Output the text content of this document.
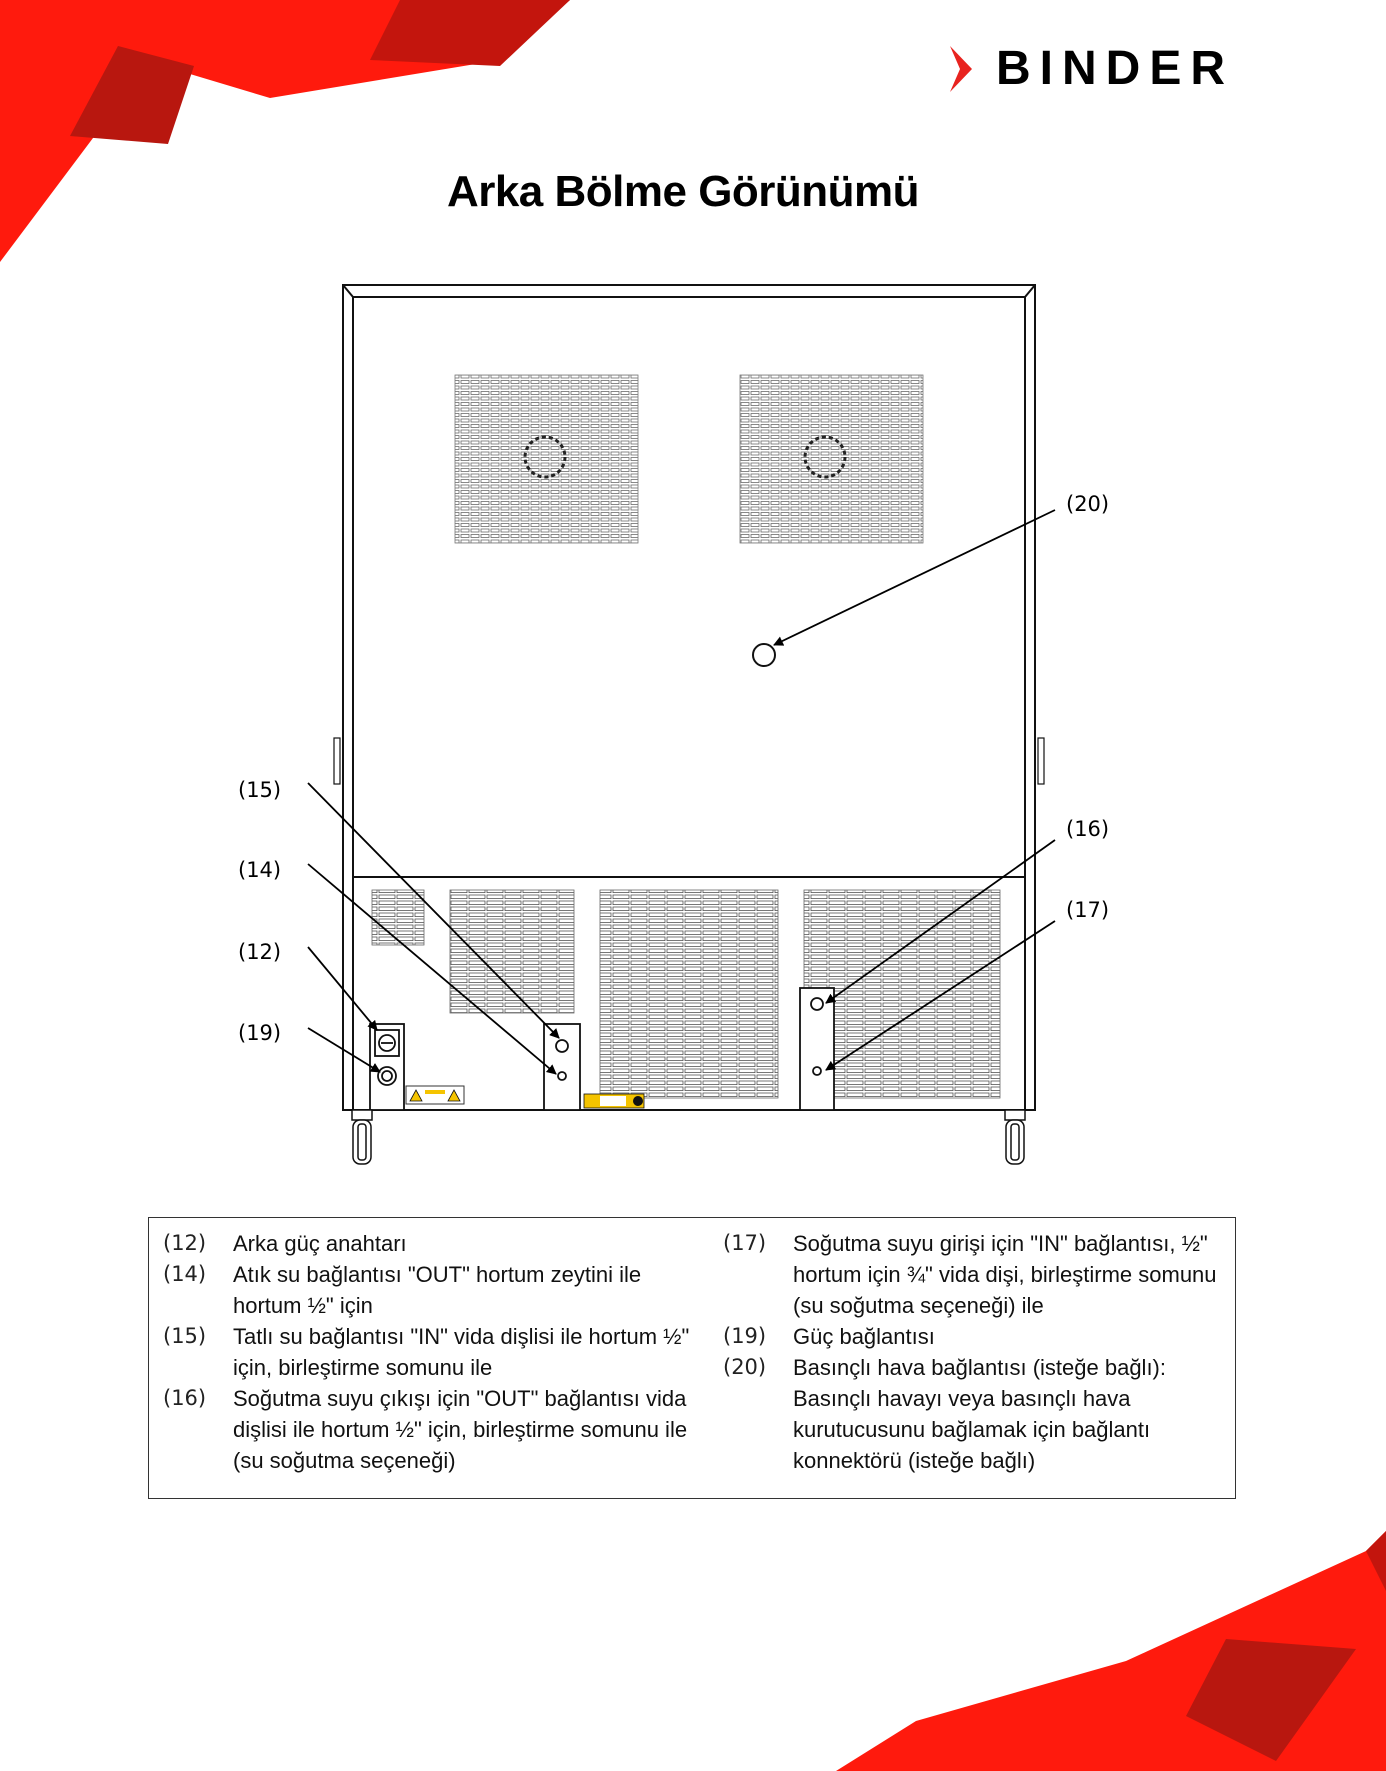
BINDER
Arka Bölme Görünümü
(15)
(14)
(12)
(19)
(20)
(16)
(17)
(12)	Arka güç anahtarı
(14)	Atık su bağlantısı "OUT" hortum zeytini ile hortum ½" için
(15)	Tatlı su bağlantısı "IN" vida dişlisi ile hortum ½" için, birleştirme somunu ile
(16)	Soğutma suyu çıkışı için "OUT" bağlantısı vida dişlisi ile hortum ½" için, birleştirme somunu ile (su soğutma seçeneği)
(17)	Soğutma suyu girişi için "IN" bağlantısı, ½" hortum için ¾" vida dişi, birleştirme somunu (su soğutma seçeneği) ile
(19)	Güç bağlantısı
(20)	Basınçlı hava bağlantısı (isteğe bağlı): Basınçlı havayı veya basınçlı hava kurutucusunu bağlamak için bağlantı konnektörü (isteğe bağlı)
